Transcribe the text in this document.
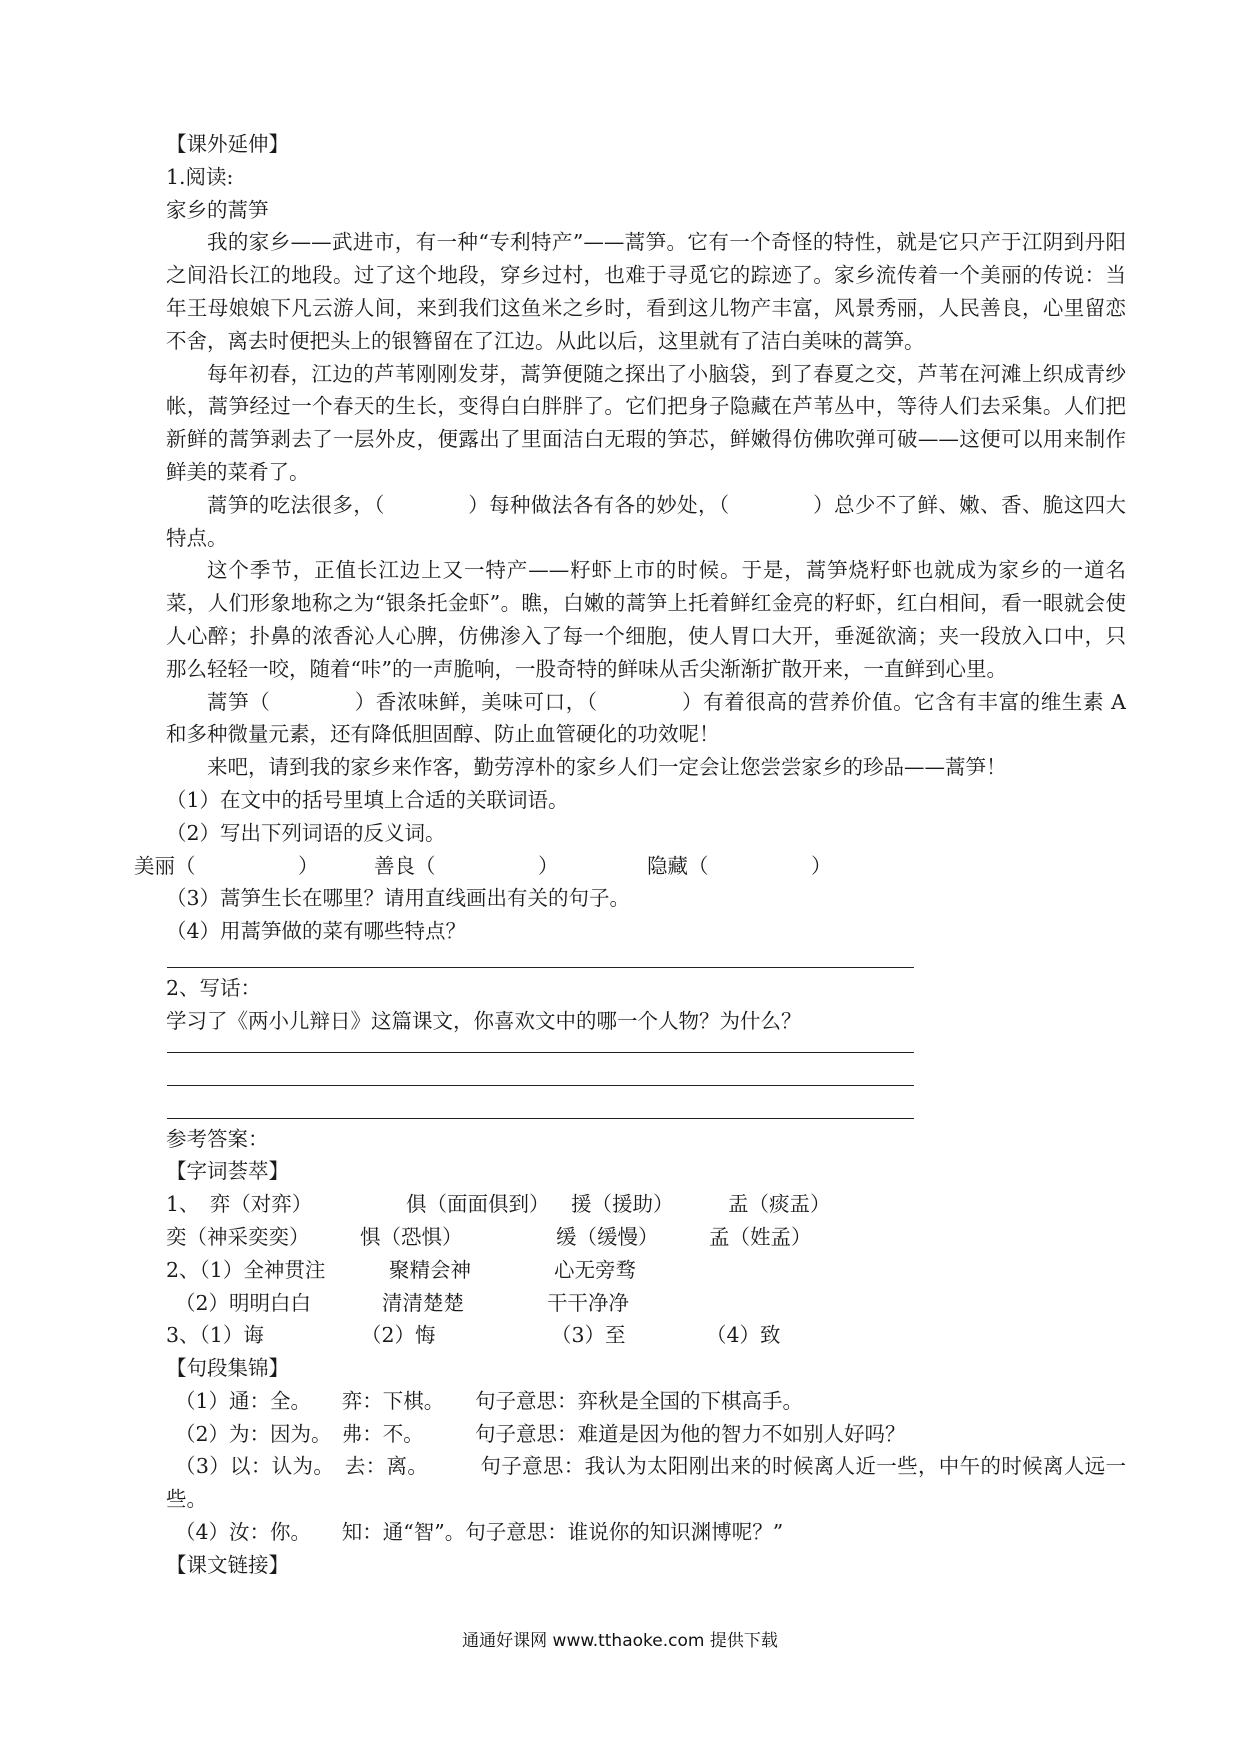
【课外延伸】
1.阅读:
家乡的蒿笋
我的家乡——武进市，有一种“专利特产”——蒿笋。它有一个奇怪的特性，就是它只产于江阴到丹阳之间沿长江的地段。过了这个地段，穿乡过村，也难于寻觅它的踪迹了。家乡流传着一个美丽的传说：当年王母娘娘下凡云游人间，来到我们这鱼米之乡时，看到这儿物产丰富，风景秀丽，人民善良，心里留恋不舍，离去时便把头上的银簪留在了江边。从此以后，这里就有了洁白美味的蒿笋。
每年初春，江边的芦苇刚刚发芽，蒿笋便随之探出了小脑袋，到了春夏之交，芦苇在河滩上织成青纱帐，蒿笋经过一个春天的生长，变得白白胖胖了。它们把身子隐藏在芦苇丛中，等待人们去采集。人们把新鲜的蒿笋剥去了一层外皮，便露出了里面洁白无瑕的笋芯，鲜嫩得仿佛吹弹可破——这便可以用来制作鲜美的菜肴了。
蒿笋的吃法很多，（　　　　）每种做法各有各的妙处，（　　　　）总少不了鲜、嫩、香、脆这四大特点。
这个季节，正值长江边上又一特产——籽虾上市的时候。于是，蒿笋烧籽虾也就成为家乡的一道名菜，人们形象地称之为“银条托金虾”。瞧，白嫩的蒿笋上托着鲜红金亮的籽虾，红白相间，看一眼就会使人心醉；扑鼻的浓香沁人心脾，仿佛渗入了每一个细胞，使人胃口大开，垂涎欲滴；夹一段放入口中，只那么轻轻一咬，随着“咔”的一声脆响，一股奇特的鲜味从舌尖渐渐扩散开来，一直鲜到心里。
蒿笋（　　　　）香浓味鲜，美味可口，（　　　　）有着很高的营养价值。它含有丰富的维生素 A 和多种微量元素，还有降低胆固醇、防止血管硬化的功效呢！
来吧，请到我的家乡来作客，勤劳淳朴的家乡人们一定会让您尝尝家乡的珍品——蒿笋！
（1）在文中的括号里填上合适的关联词语。
（2）写出下列词语的反义词。
美丽（　　　　　）	善良（　　　　　）	隐藏（　　　　　）
（3）蒿笋生长在哪里？请用直线画出有关的句子。
（4）用蒿笋做的菜有哪些特点？
2、写话：
学习了《两小儿辩日》这篇课文，你喜欢文中的哪一个人物？为什么？
参考答案：
【字词荟萃】
1、　弈（对弈）	俱（面面俱到）	援（援助）	盂（痰盂）
奕（神采奕奕）	惧（恐惧）	缓（缓慢）	孟（姓孟）
2、（1）全神贯注	聚精会神	心无旁骛
（2）明明白白	清清楚楚	干干净净
3、（1）诲	（2）悔	（3）至	（4）致
【句段集锦】
（1）通：全。　　弈：下棋。　　句子意思：弈秋是全国的下棋高手。
（2）为：因为。　弗：不。　　　句子意思：难道是因为他的智力不如别人好吗？
（3）以：认为。　去：离。　　　句子意思：我认为太阳刚出来的时候离人近一些，中午的时候离人远一些。
（4）汝：你。　　知：通“智”。句子意思：谁说你的知识渊博呢？”
【课文链接】
通通好课网 www.tthaoke.com 提供下载
